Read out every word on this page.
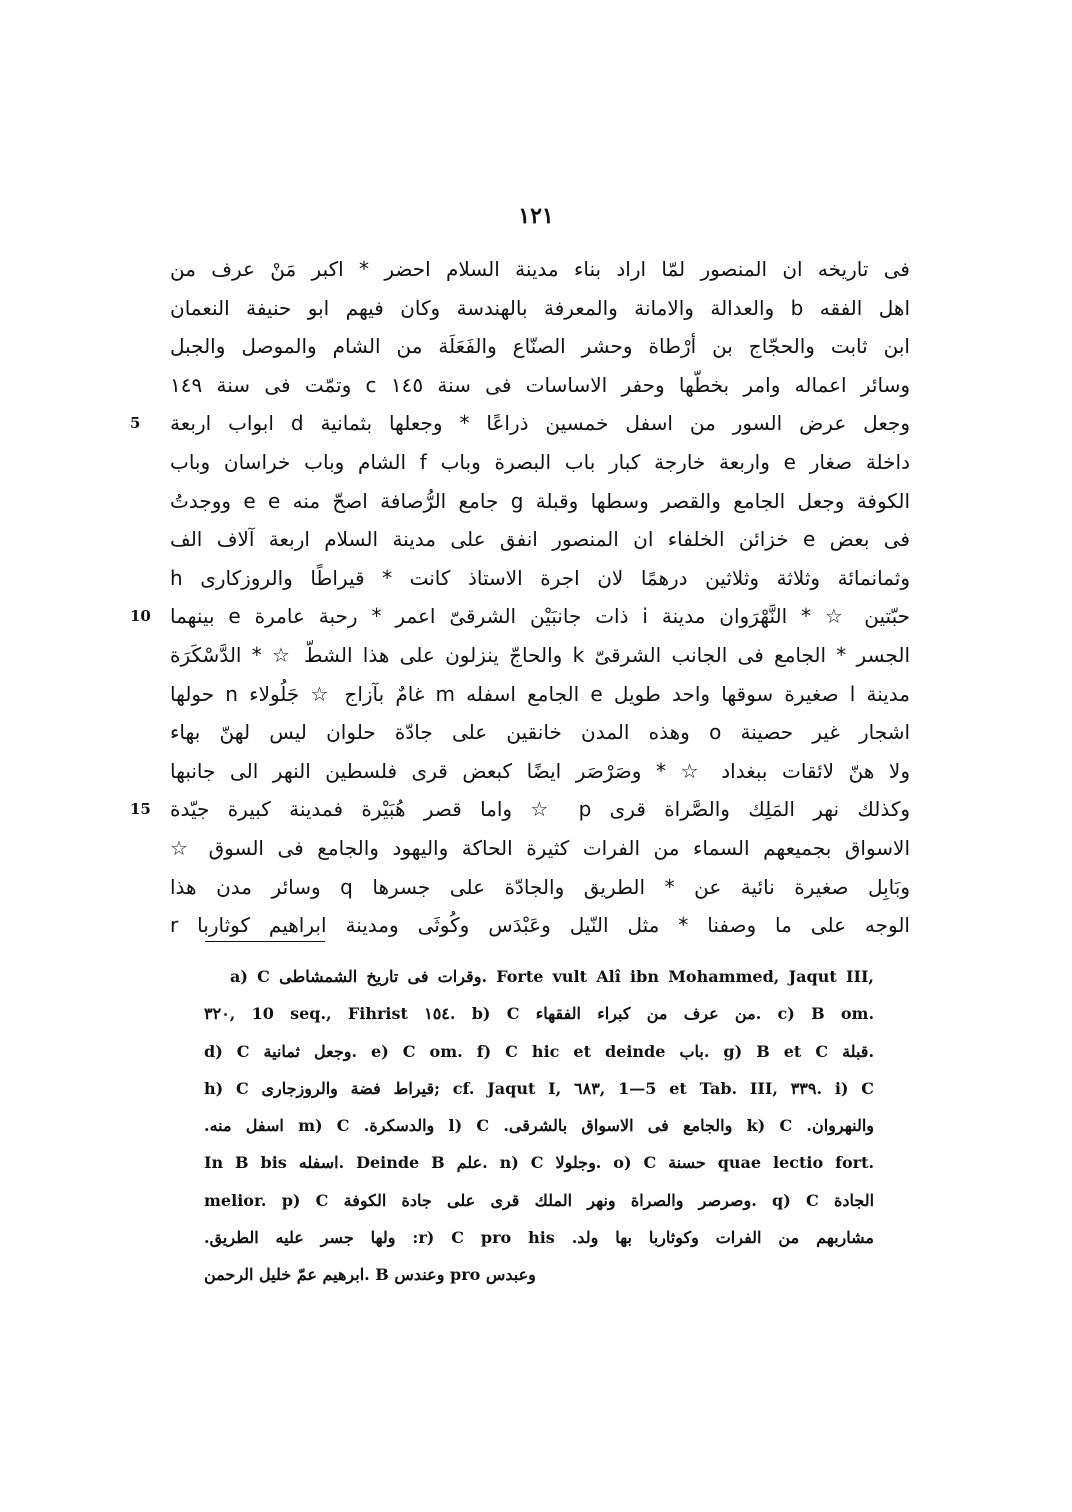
١٢١
فى تاريخه ان المنصور لمّا اراد بناء مدينة السلام احضر * اكبر مَنْ عرف من
اهل الفقه b والعدالة والامانة والمعرفة بالهندسة وكان فيهم ابو حنيفة النعمان
ابن ثابت والحجّاج بن أرْطاة وحشر الصنّاع والفَعَلَة من الشام والموصل والجبل
وسائر اعماله وامر بخطّها وحفر الاساسات فى سنة ١٤٥ c وتمّت فى سنة ١٤٩
وجعل عرض السور من اسفل خمسين ذراعًا * وجعلها بثمانية d ابواب اربعة
5
داخلة صغار e واربعة خارجة كبار باب البصرة وباب f الشام وباب خراسان وباب
الكوفة وجعل الجامع والقصر وسطها وقبلة g جامع الرُّصافة اصحّ منه e e ووجدتُ
فى بعض e خزائن الخلفاء ان المنصور انفق على مدينة السلام اربعة آلاف الف
وثمانمائة وثلاثة وثلاثين درهمًا لان اجرة الاستاذ كانت * قيراطًا والروزكارى h
حبّتين ☆ * النَّهْرَوان مدينة i ذات جانبَيْن الشرقىّ اعمر * رحبة عامرة e بينهما
10
الجسر * الجامع فى الجانب الشرقىّ k والحاجّ ينزلون على هذا الشطّ ☆ * الدَّسْكَرَة
مدينة l صغيرة سوقها واحد طويل e الجامع اسفله m غامٌ بآزاج ☆ جَلُولاء n حولها
اشجار غير حصينة o وهذه المدن خانقين على جادّة حلوان ليس لهنّ بهاء
ولا هنّ لائقات ببغداد ☆ * وصَرْصَر ايضًا كبعض قرى فلسطين النهر الى جانبها
وكذلك نهر المَلِك والصَّراة قرى p ☆ واما قصر هُبَيْرة فمدينة كبيرة جيّدة
15
الاسواق بجميعهم السماء من الفرات كثيرة الحاكة واليهود والجامع فى السوق ☆
وبَابِل صغيرة نائية عن * الطريق والجادّة على جسرها q وسائر مدن هذا
الوجه على ما وصفنا * مثل النّيل وعَبْدَس وكُوثَى ومدينة ابراهيم كوثاربا r
a) C وقرات فى تاريخ الشمشاطى. Forte vult Alî ibn Mohammed, Jaqut III,
٣٢٠, 10 seq., Fihrist ١٥٤. b) C من عرف من كبراء الفقهاء. c) B om.
d) C وجعل ثمانية. e) C om. f) C hic et deinde باب. g) B et C قبلة.
h) C قيراط فضة والروزجارى; cf. Jaqut I, ٦٨٣, 1—5 et Tab. III, ٣٣٩. i) C
والنهروان. k) C والجامع فى الاسواق بالشرقى. l) C والدسكرة. m) C اسفل منه.
In B bis اسفله. Deinde B علم. n) C وجلولا. o) C حسنة quae lectio fort.
melior. p) C وصرصر والصراة ونهر الملك قرى على جادة الكوفة. q) C الجادة
مشاربهم من الفرات وكوثاربا بها ولد. r) C pro his: ولها جسر عليه الطريق.
وعبدس pro وعندس B .ابرهيم عمّ خليل الرحمن
